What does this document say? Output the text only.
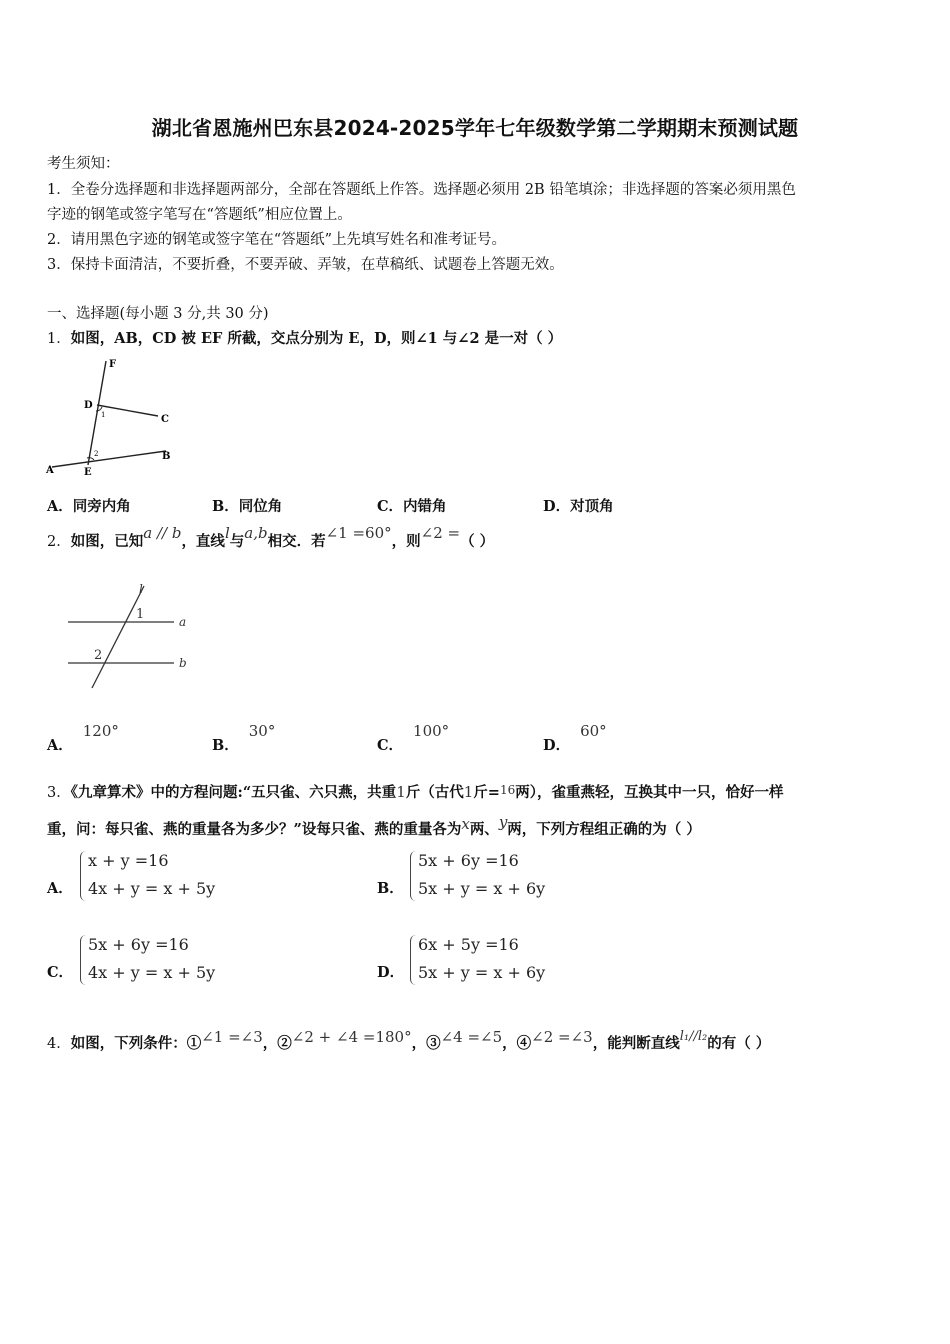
湖北省恩施州巴东县2024-2025学年七年级数学第二学期期末预测试题
考生须知：
1．全卷分选择题和非选择题两部分，全部在答题纸上作答。选择题必须用 2B 铅笔填涂；非选择题的答案必须用黑色
字迹的钢笔或签字笔写在“答题纸”相应位置上。
2．请用黑色字迹的钢笔或签字笔在“答题纸”上先填写姓名和准考证号。
3．保持卡面清洁，不要折叠，不要弄破、弄皱，在草稿纸、试题卷上答题无效。
一、选择题(每小题 3 分,共 30 分)
1．如图，AB，CD 被 EF 所截，交点分别为 E，D，则∠1 与∠2 是一对（ ）
F
D
C
1
2
A	E
B
A．同旁内角	B．同位角	C．内错角	D．对顶角
2．如图，已知a // b，直线l与a,b相交．若∠1 =60°，则∠2 =（ ）
l
1
2
a
b
A．120°
B．30°
C．100°
D．60°
3．《九章算术》中的方程问题:“五只雀、六只燕，共重1斤（古代1斤=$^{16}$两），雀重燕轻，互换其中一只，恰好一样
重，问：每只雀、燕的重量各为多少？”设每只雀、燕的重量各为x两、y两，下列方程组正确的为（ ）
A．
x + y =16
4x + y = x + 5y	B．
5x + 6y =16
5x + y = x + 6y
C．
5x + 6y =16
4x + y = x + 5y	D．
6x + 5y =16
5x + y = x + 6y
4．如图，下列条件：①∠1 =∠3，②∠2 + ∠4 =180°，③∠4 =∠5，④∠2 =∠3，能判断直线l₁//l₂的有（ ）
